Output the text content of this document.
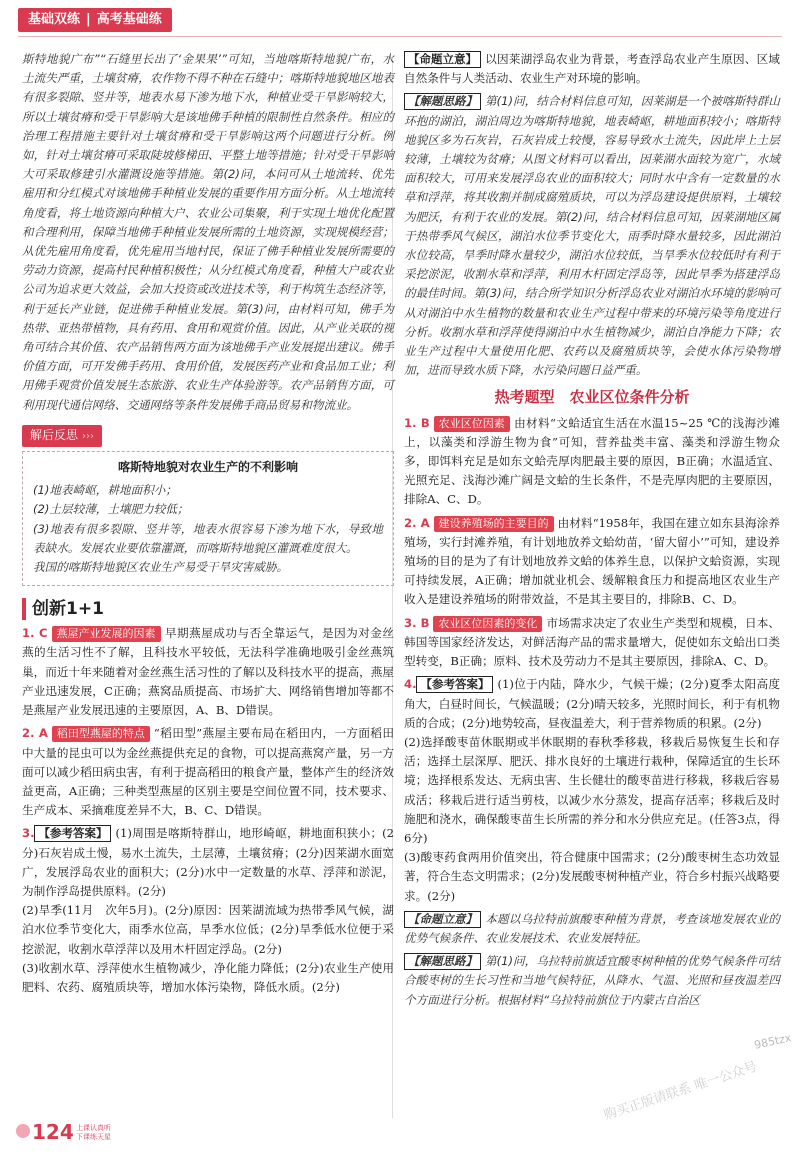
基础双练 | 高考基础练

斯特地貌广布”“石缝里长出了‘金果果’”可知，当地喀斯特地貌广布，水土流失严重，土壤贫瘠，农作物不得不种在石缝中；喀斯特地貌地区地表有很多裂隙、竖井等，地表水易下渗为地下水，种植业受干旱影响较大，所以土壤贫瘠和受干旱影响大是该地佛手种植的限制性自然条件。相应的治理工程措施主要针对土壤贫瘠和受干旱影响这两个问题进行分析。例如，针对土壤贫瘠可采取陡坡修梯田、平整土地等措施；针对受干旱影响大可采取修建引水灌溉设施等措施。第(2)问，本问可从土地流转、优先雇用和分红模式对该地佛手种植业发展的重要作用方面分析。从土地流转角度看，将土地资源向种植大户、农业公司集聚，利于实现土地优化配置和合理利用，保障当地佛手种植业发展所需的土地资源，实现规模经营；从优先雇用角度看，优先雇用当地村民，保证了佛手种植业发展所需要的劳动力资源，提高村民种植积极性；从分红模式角度看，种植大户或农业公司为追求更大效益，会加大投资或改进技术等，利于构筑生态经济等，利于延长产业链，促进佛手种植业发展。第(3)问，由材料可知，佛手为热带、亚热带植物，具有药用、食用和观赏价值。因此，从产业关联的视角可结合其价值、农产品销售两方面为该地佛手产业发展提出建议。佛手价值方面，可开发佛手药用、食用价值，发展医药产业和食品加工业；利用佛手观赏价值发展生态旅游、农业生产体验游等。农产品销售方面，可利用现代通信网络、交通网络等条件发展佛手商品贸易和物流业。

解后反思 ›››
喀斯特地貌对农业生产的不利影响

(1)地表崎岖，耕地面积小；

(2)土层较薄，土壤肥力较低；

(3)地表有很多裂隙、竖井等，地表水很容易下渗为地下水，导致地表缺水。发展农业要依靠灌溉，而喀斯特地貌区灌溉难度很大。

我国的喀斯特地貌区农业生产易受干旱灾害威胁。

创新1+1

1. C 燕屋产业发展的因素 早期燕屋成功与否全靠运气，是因为对金丝燕的生活习性不了解，且科技水平较低，无法科学准确地吸引金丝燕筑巢，而近十年来随着对金丝燕生活习性的了解以及科技水平的提高，燕屋产业迅速发展，C正确；燕窝品质提高、市场扩大、网络销售增加等都不是燕屋产业发展迅速的主要原因，A、B、D错误。

2. A 稻田型燕屋的特点 “稻田型”燕屋主要布局在稻田内，一方面稻田中大量的昆虫可以为金丝燕提供充足的食物，可以提高燕窝产量，另一方面可以减少稻田病虫害，有利于提高稻田的粮食产量，整体产生的经济效益更高，A正确；三种类型燕屋的区别主要是空间位置不同，技术要求、生产成本、采摘难度差异不大，B、C、D错误。

3. 【参考答案】 (1)周围是喀斯特群山，地形崎岖，耕地面积狭小；(2分)石灰岩成土慢，易水土流失，土层薄，土壤贫瘠；(2分)因莱湖水面宽广，发展浮岛农业的面积大；(2分)水中一定数量的水草、浮萍和淤泥，为制作浮岛提供原料。(2分)

(2)旱季(11月　次年5月)。(2分)原因：因莱湖流域为热带季风气候，湖泊水位季节变化大，雨季水位高，旱季水位低；(2分)旱季低水位便于采挖淤泥，收割水草浮萍以及用木杆固定浮岛。(2分)

(3)收割水草、浮萍使水生植物减少，净化能力降低；(2分)农业生产使用肥料、农药、腐殖质块等，增加水体污染物，降低水质。(2分)

【命题立意】 以因莱湖浮岛农业为背景，考查浮岛农业产生原因、区域自然条件与人类活动、农业生产对环境的影响。

【解题思路】 第(1)问，结合材料信息可知，因莱湖是一个被喀斯特群山环抱的湖泊，湖泊周边为喀斯特地貌，地表崎岖，耕地面积较小；喀斯特地貌区多为石灰岩，石灰岩成土较慢，容易导致水土流失，因此岸上土层较薄，土壤较为贫瘠；从图文材料可以看出，因莱湖水面较为宽广，水域面积较大，可用来发展浮岛农业的面积较大；同时水中含有一定数量的水草和浮萍，将其收割并制成腐殖质块，可以为浮岛建设提供原料，土壤较为肥沃，有利于农业的发展。第(2)问，结合材料信息可知，因莱湖地区属于热带季风气候区，湖泊水位季节变化大，雨季时降水量较多，因此湖泊水位较高，旱季时降水量较少，湖泊水位较低，当旱季水位较低时有利于采挖淤泥，收割水草和浮萍，利用木杆固定浮岛等，因此旱季为搭建浮岛的最佳时间。第(3)问，结合所学知识分析浮岛农业对湖泊水环境的影响可从对湖泊中水生植物的数量和农业生产过程中带来的环境污染等角度进行分析。收割水草和浮萍使得湖泊中水生植物减少，湖泊自净能力下降；农业生产过程中大量使用化肥、农药以及腐殖质块等，会使水体污染物增加，进而导致水质下降，水污染问题日益严重。

热考题型　农业区位条件分析

1. B 农业区位因素 由材料“文蛤适宜生活在水温15~25 ℃的浅海沙滩上，以藻类和浮游生物为食”可知，营养盐类丰富、藻类和浮游生物众多，即饵料充足是如东文蛤壳厚肉肥最主要的原因，B正确；水温适宜、光照充足、浅海沙滩广阔是文蛤的生长条件，不是壳厚肉肥的主要原因，排除A、C、D。

2. A 建设养殖场的主要目的 由材料“1958年，我国在建立如东县海涂养殖场，实行封滩养殖，有计划地放养文蛤幼苗，‘留大留小’”可知，建设养殖场的目的是为了有计划地放养文蛤的体养生息，以保护文蛤资源，实现可持续发展，A正确；增加就业机会、缓解粮食压力和提高地区农业生产收入是建设养殖场的附带效益，不是其主要目的，排除B、C、D。

3. B 农业区位因素的变化 市场需求决定了农业生产类型和规模，日本、韩国等国家经济发达，对鲜活海产品的需求量增大，促使如东文蛤出口类型转变，B正确；原料、技术及劳动力不是其主要原因，排除A、C、D。

4. 【参考答案】 (1)位于内陆，降水少，气候干燥；(2分)夏季太阳高度角大，白昼时间长，气候温暖；(2分)晴天较多，光照时间长，利于有机物质的合成；(2分)地势较高，昼夜温差大，利于营养物质的积累。(2分)

(2)选择酸枣苗休眠期或半休眠期的春秋季移栽，移栽后易恢复生长和存活；选择土层深厚、肥沃、排水良好的土壤进行栽种，保障适宜的生长环境；选择根系发达、无病虫害、生长健壮的酸枣苗进行移栽，移栽后容易成活；移栽后进行适当剪枝，以减少水分蒸发，提高存活率；移栽后及时施肥和浇水，确保酸枣苗生长所需的养分和水分供应充足。(任答3点，得6分)

(3)酸枣药食两用价值突出，符合健康中国需求；(2分)酸枣树生态功效显著，符合生态文明需求；(2分)发展酸枣树种植产业，符合乡村振兴战略要求。(2分)

【命题立意】 本题以乌拉特前旗酸枣种植为背景，考查该地发展农业的优势气候条件、农业发展技术、农业发展特征。

【解题思路】 第(1)问，乌拉特前旗适宜酸枣树种植的优势气候条件可结合酸枣树的生长习性和当地气候特征，从降水、气温、光照和昼夜温差四个方面进行分析。根据材料“乌拉特前旗位于内蒙古自治区

124 上课认真听 下课练天星
985tzx
购买正版请联系 唯一公众号
